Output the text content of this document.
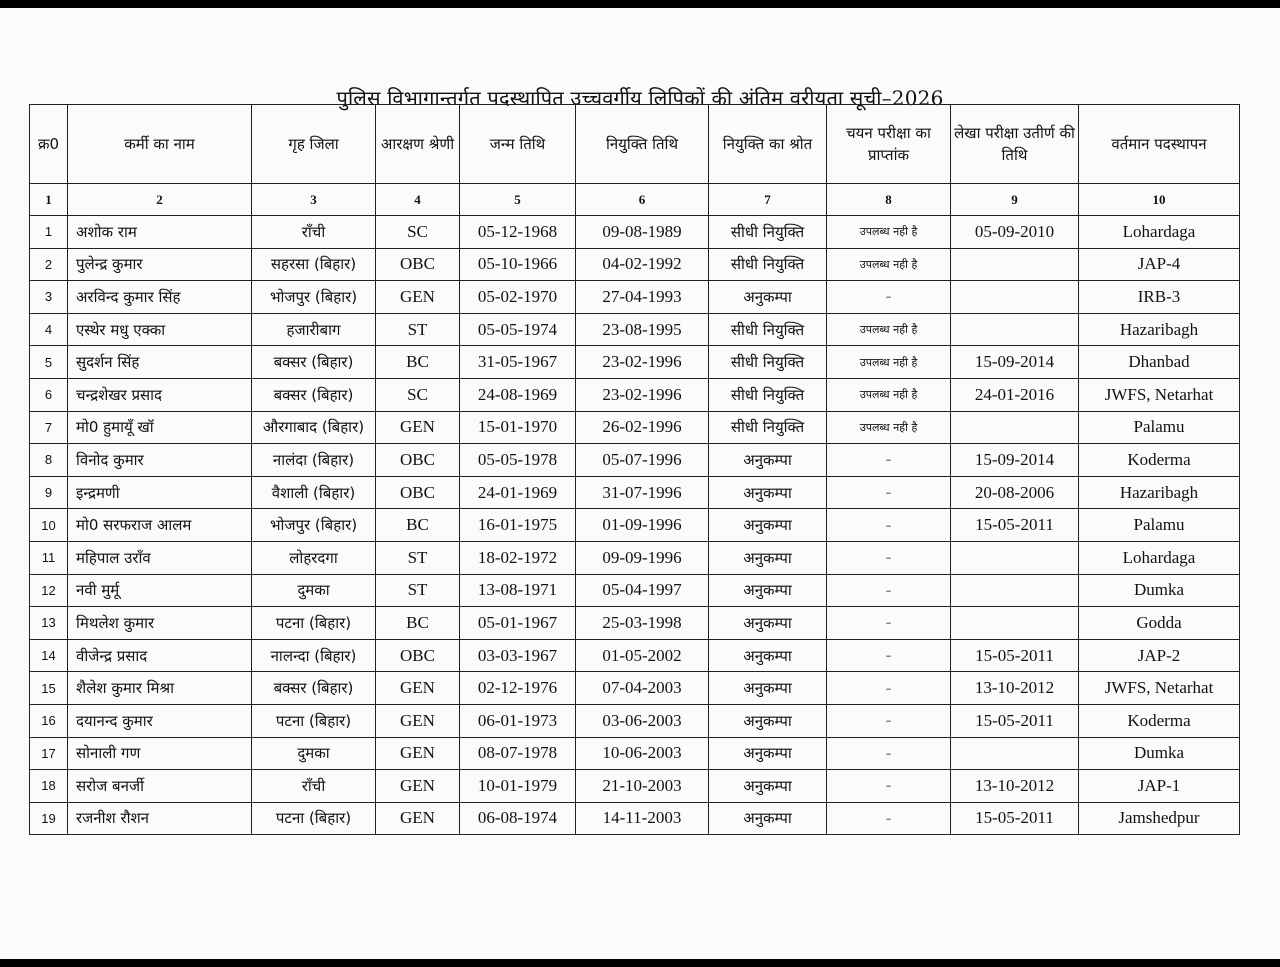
पुलिस विभागान्तर्गत पदस्थापित उच्चवर्गीय लिपिकों की अंतिम वरीयता सूची–2026
क्र0	कर्मी का नाम	गृह जिला	आरक्षण श्रेणी	जन्म तिथि	नियुक्ति तिथि	नियुक्ति का श्रोत	चयन परीक्षा का प्राप्तांक	लेखा परीक्षा उतीर्ण की तिथि	वर्तमान पदस्थापन
1	2	3	4	5	6	7	8	9	10
1	अशोक राम	राँची	SC	05-12-1968	09-08-1989	सीधी नियुक्ति	उपलब्ध नही है	05-09-2010	Lohardaga
2	पुलेन्द्र कुमार	सहरसा (बिहार)	OBC	05-10-1966	04-02-1992	सीधी नियुक्ति	उपलब्ध नही है		JAP-4
3	अरविन्द कुमार सिंह	भोजपुर (बिहार)	GEN	05-02-1970	27-04-1993	अनुकम्पा	–		IRB-3
4	एस्थेर मधु एक्का	हजारीबाग	ST	05-05-1974	23-08-1995	सीधी नियुक्ति	उपलब्ध नही है		Hazaribagh
5	सुदर्शन सिंह	बक्सर (बिहार)	BC	31-05-1967	23-02-1996	सीधी नियुक्ति	उपलब्ध नही है	15-09-2014	Dhanbad
6	चन्द्रशेखर प्रसाद	बक्सर (बिहार)	SC	24-08-1969	23-02-1996	सीधी नियुक्ति	उपलब्ध नही है	24-01-2016	JWFS, Netarhat
7	मो0 हुमायूँ खॉ	औरगाबाद (बिहार)	GEN	15-01-1970	26-02-1996	सीधी नियुक्ति	उपलब्ध नही है		Palamu
8	विनोद कुमार	नालंदा (बिहार)	OBC	05-05-1978	05-07-1996	अनुकम्पा	–	15-09-2014	Koderma
9	इन्द्रमणी	वैशाली (बिहार)	OBC	24-01-1969	31-07-1996	अनुकम्पा	–	20-08-2006	Hazaribagh
10	मो0 सरफराज आलम	भोजपुर (बिहार)	BC	16-01-1975	01-09-1996	अनुकम्पा	–	15-05-2011	Palamu
11	महिपाल उराँव	लोहरदगा	ST	18-02-1972	09-09-1996	अनुकम्पा	–		Lohardaga
12	नवी मुर्मू	दुमका	ST	13-08-1971	05-04-1997	अनुकम्पा	–		Dumka
13	मिथलेश कुमार	पटना (बिहार)	BC	05-01-1967	25-03-1998	अनुकम्पा	–		Godda
14	वीजेन्द्र प्रसाद	नालन्दा (बिहार)	OBC	03-03-1967	01-05-2002	अनुकम्पा	–	15-05-2011	JAP-2
15	शैलेश कुमार मिश्रा	बक्सर (बिहार)	GEN	02-12-1976	07-04-2003	अनुकम्पा	–	13-10-2012	JWFS, Netarhat
16	दयानन्द कुमार	पटना (बिहार)	GEN	06-01-1973	03-06-2003	अनुकम्पा	–	15-05-2011	Koderma
17	सोनाली गण	दुमका	GEN	08-07-1978	10-06-2003	अनुकम्पा	–		Dumka
18	सरोज बनर्जी	राँची	GEN	10-01-1979	21-10-2003	अनुकम्पा	–	13-10-2012	JAP-1
19	रजनीश रौशन	पटना (बिहार)	GEN	06-08-1974	14-11-2003	अनुकम्पा	–	15-05-2011	Jamshedpur
